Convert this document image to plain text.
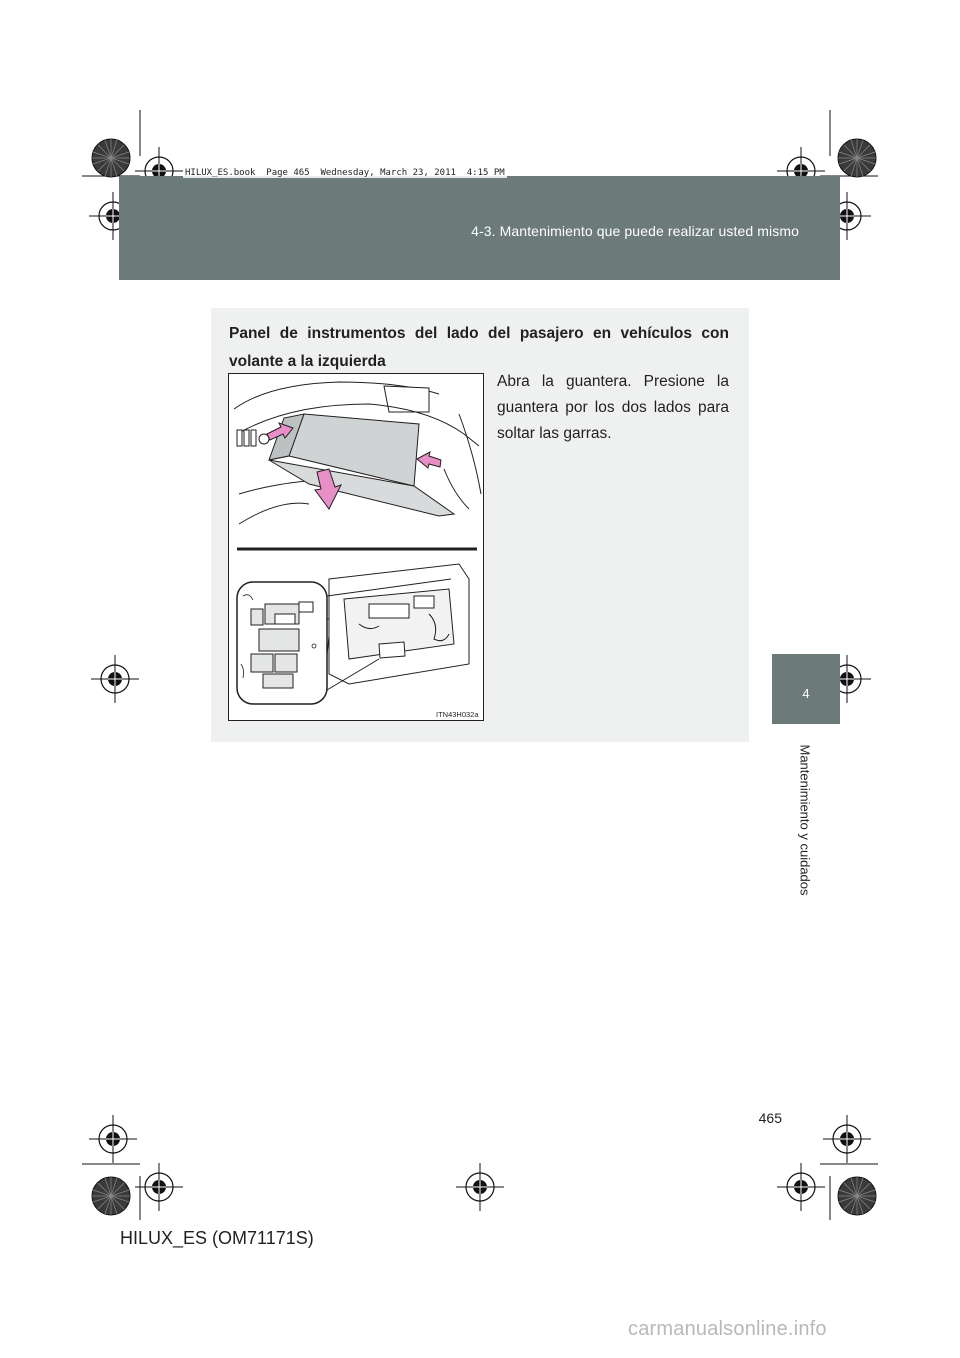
4-3. Mantenimiento que puede realizar usted mismo
HILUX_ES.book  Page 465  Wednesday, March 23, 2011  4:15 PM
4
Mantenimiento y cuidados
Panel de instrumentos del lado del pasajero en vehículos con volante a la izquierda
Abra la guantera. Presione la guantera por los dos lados para soltar las garras.
ITN43H032a
465
HILUX_ES (OM71171S)
carmanualsonline.info
